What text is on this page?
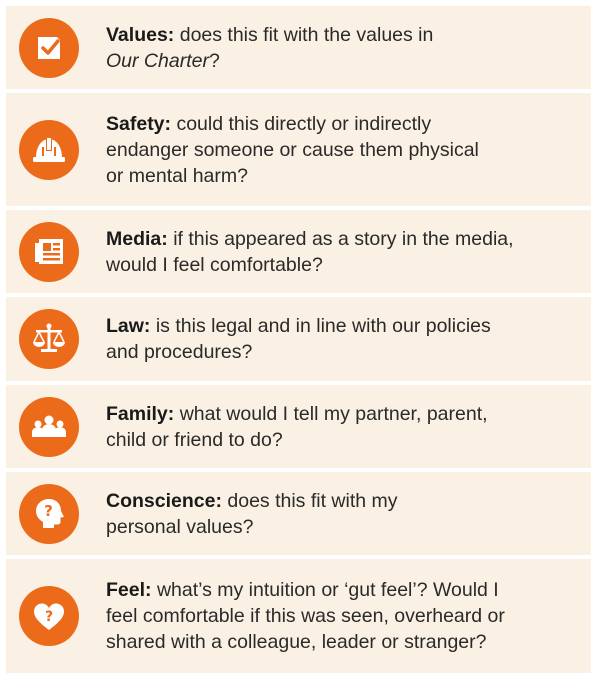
Values: does this fit with the values in
Our Charter?
Safety: could this directly or indirectly
endanger someone or cause them physical
or mental harm?
Media: if this appeared as a story in the media,
would I feel comfortable?
Law: is this legal and in line with our policies
and procedures?
Family: what would I tell my partner, parent,
child or friend to do?
?	Conscience: does this fit with my
personal values?
?
Feel: what’s my intuition or ‘gut feel’? Would I
feel comfortable if this was seen, overheard or
shared with a colleague, leader or stranger?
